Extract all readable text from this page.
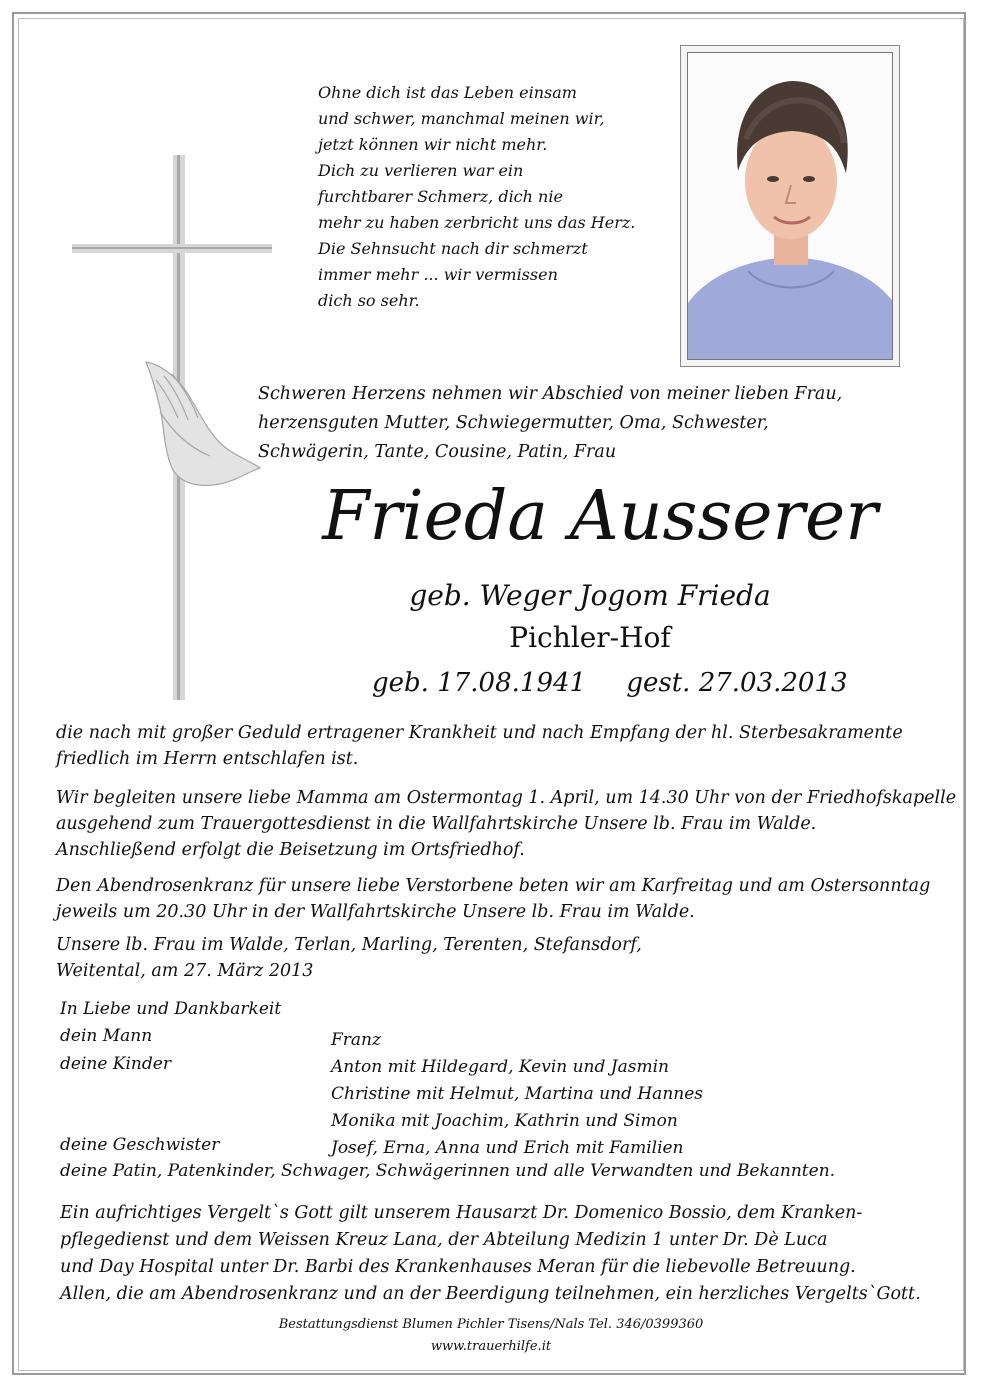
Ohne dich ist das Leben einsam
und schwer, manchmal meinen wir,
jetzt können wir nicht mehr.
Dich zu verlieren war ein
furchtbarer Schmerz, dich nie
mehr zu haben zerbricht uns das Herz.
Die Sehnsucht nach dir schmerzt
immer mehr ... wir vermissen
dich so sehr.
Schweren Herzens nehmen wir Abschied von meiner lieben Frau,
herzensguten Mutter, Schwiegermutter, Oma, Schwester,
Schwägerin, Tante, Cousine, Patin, Frau
Frieda Ausserer
geb. Weger Jogom Frieda
Pichler-Hof
geb. 17.08.1941 gest. 27.03.2013
die nach mit großer Geduld ertragener Krankheit und nach Empfang der hl. Sterbesakramente
friedlich im Herrn entschlafen ist.
Wir begleiten unsere liebe Mamma am Ostermontag 1. April, um 14.30 Uhr von der Friedhofskapelle
ausgehend zum Trauergottesdienst in die Wallfahrtskirche Unsere lb. Frau im Walde.
Anschließend erfolgt die Beisetzung im Ortsfriedhof.
Den Abendrosenkranz für unsere liebe Verstorbene beten wir am Karfreitag und am Ostersonntag
jeweils um 20.30 Uhr in der Wallfahrtskirche Unsere lb. Frau im Walde.
Unsere lb. Frau im Walde, Terlan, Marling, Terenten, Stefansdorf,
Weitental, am 27. März 2013
In Liebe und Dankbarkeit
dein Mann	Franz
deine Kinder	Anton mit Hildegard, Kevin und Jasmin
Christine mit Helmut, Martina und Hannes
Monika mit Joachim, Kathrin und Simon
deine Geschwister	Josef, Erna, Anna und Erich mit Familien
deine Patin, Patenkinder, Schwager, Schwägerinnen und alle Verwandten und Bekannten.
Ein aufrichtiges Vergelt`s Gott gilt unserem Hausarzt Dr. Domenico Bossio, dem Kranken-
pflegedienst und dem Weissen Kreuz Lana, der Abteilung Medizin 1 unter Dr. Dè Luca
und Day Hospital unter Dr. Barbi des Krankenhauses Meran für die liebevolle Betreuung.
Allen, die am Abendrosenkranz und an der Beerdigung teilnehmen, ein herzliches Vergelts`Gott.
Bestattungsdienst Blumen Pichler Tisens/Nals Tel. 346/0399360
www.trauerhilfe.it
